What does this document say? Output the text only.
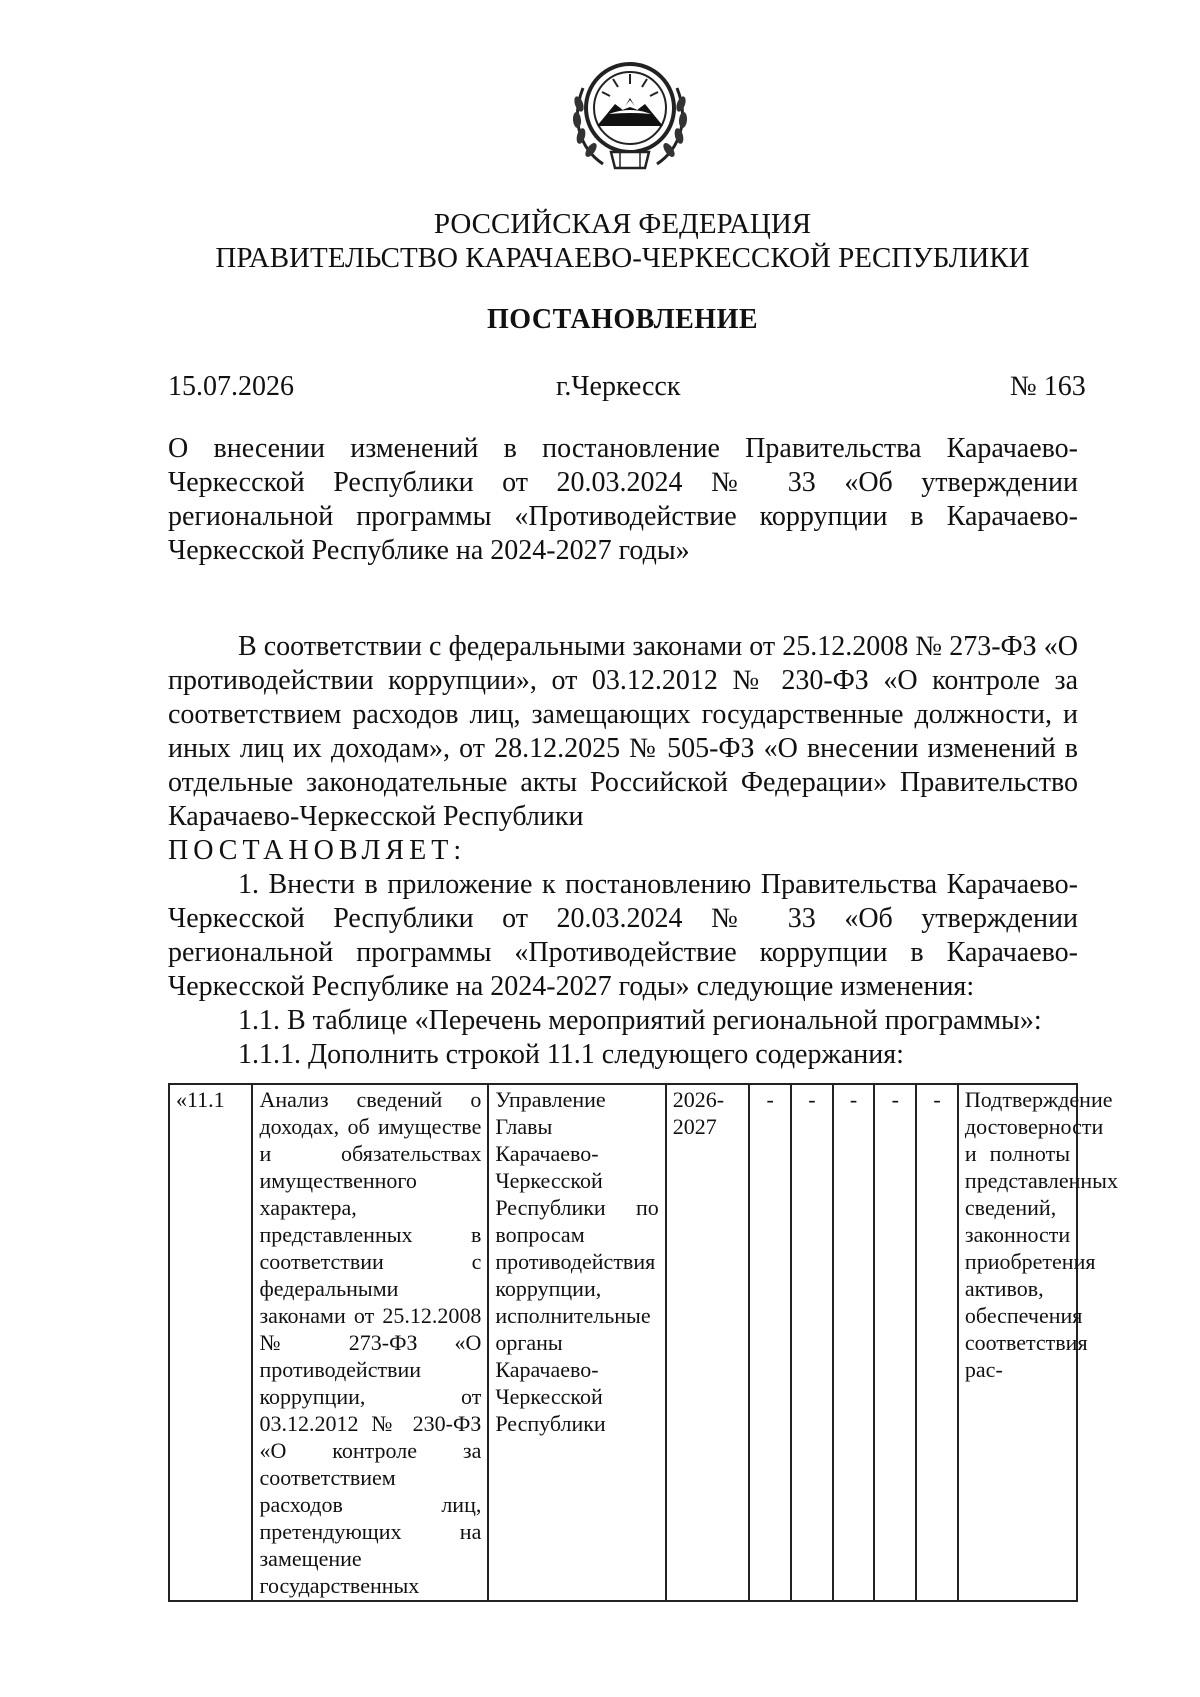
РОССИЙСКАЯ ФЕДЕРАЦИЯ
ПРАВИТЕЛЬСТВО КАРАЧАЕВО-ЧЕРКЕССКОЙ РЕСПУБЛИКИ
ПОСТАНОВЛЕНИЕ
15.07.2026	г.Черкесск	№ 163
О внесении изменений в постановление Правительства Карачаево-Черкесской Республики от 20.03.2024 № 33 «Об утверждении региональной программы «Противодействие коррупции в Карачаево-Черкесской Республике на 2024-2027 годы»

В соответствии с федеральными законами от 25.12.2008 № 273-ФЗ «О противодействии коррупции», от 03.12.2012 № 230-ФЗ «О контроле за соответствием расходов лиц, замещающих государственные должности, и иных лиц их доходам», от 28.12.2025 № 505-ФЗ «О внесении изменений в отдельные законодательные акты Российской Федерации» Правительство Карачаево-Черкесской Республики

ПОСТАНОВЛЯЕТ:

1. Внести в приложение к постановлению Правительства Карачаево-Черкесской Республики от 20.03.2024 № 33 «Об утверждении региональной программы «Противодействие коррупции в Карачаево-Черкесской Республике на 2024-2027 годы» следующие изменения:

1.1. В таблице «Перечень мероприятий региональной программы»:

1.1.1. Дополнить строкой 11.1 следующего содержания:

«11.1	Анализ сведений о доходах, об имуществе и обязательствах имущественного характера, представленных в соответствии с федеральными законами от 25.12.2008 № 273-ФЗ «О противодействии коррупции, от 03.12.2012 № 230-ФЗ «О контроле за соответствием расходов лиц, претендующих на замещение государственных	Управление Главы Карачаево-Черкесской Республики по вопросам противодействия коррупции, исполнительные органы Карачаево-Черкесской Республики	2026-2027	-	-	-	-	-	Подтверждение достоверности и полноты представленных сведений, законности приобретения активов, обеспечения соответствия рас-
